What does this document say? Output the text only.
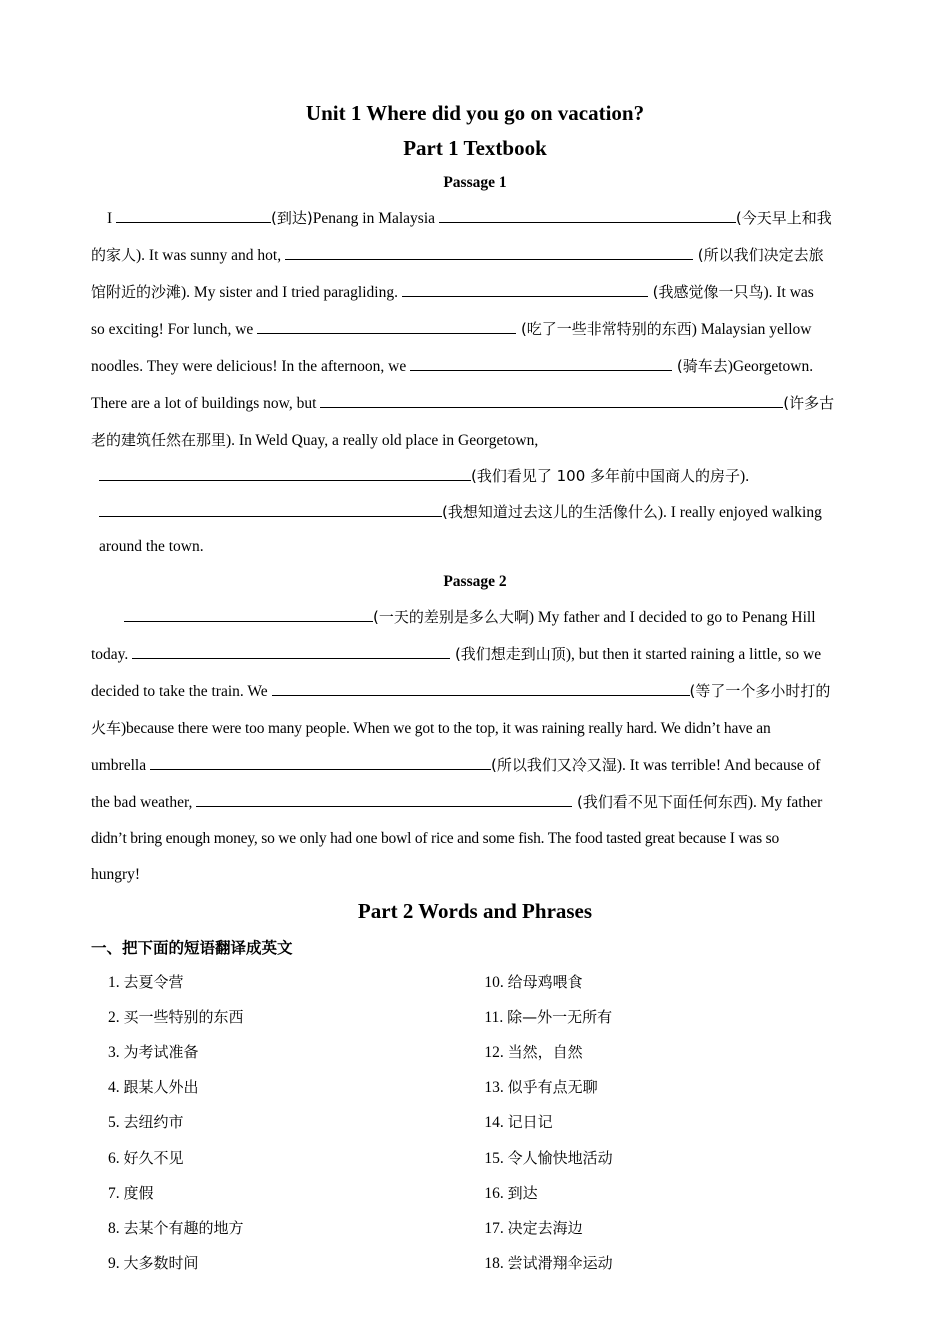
Unit 1 Where did you go on vacation?
Part 1 Textbook
Passage 1
I	(到达)Penang in Malaysia	(今天早上和我
的家人). It was sunny and hot,	(所以我们决定去旅
馆附近的沙滩). My sister and I tried paragliding.	(我感觉像一只鸟). It was
so exciting! For lunch, we	(吃了一些非常特别的东西) Malaysian yellow
noodles. They were delicious! In the afternoon, we	(骑车去)Georgetown.
There are a lot of buildings now, but	(许多古
老的建筑任然在那里). In Weld Quay, a really old place in Georgetown,
(我们看见了 100 多年前中国商人的房子).
(我想知道过去这儿的生活像什么). I really enjoyed walking
around the town.
Passage 2
(一天的差别是多么大啊) My father and I decided to go to Penang Hill
today.	(我们想走到山顶), but then it started raining a little, so we
decided to take the train. We	(等了一个多小时打的
火车)because there were too many people. When we got to the top, it was raining really hard. We didn’t have an
umbrella	(所以我们又冷又湿). It was terrible! And because of
the bad weather,	(我们看不见下面任何东西). My father
didn’t bring enough money, so we only had one bowl of rice and some fish. The food tasted great because I was so
hungry!
Part 2 Words and Phrases
一、把下面的短语翻译成英文
1. 去夏令营
2. 买一些特别的东西
3. 为考试准备
4. 跟某人外出
5. 去纽约市
6. 好久不见
7. 度假
8. 去某个有趣的地方
9. 大多数时间
10. 给母鸡喂食
11. 除—外一无所有
12. 当然，自然
13. 似乎有点无聊
14. 记日记
15. 令人愉快地活动
16. 到达
17. 决定去海边
18. 尝试滑翔伞运动
